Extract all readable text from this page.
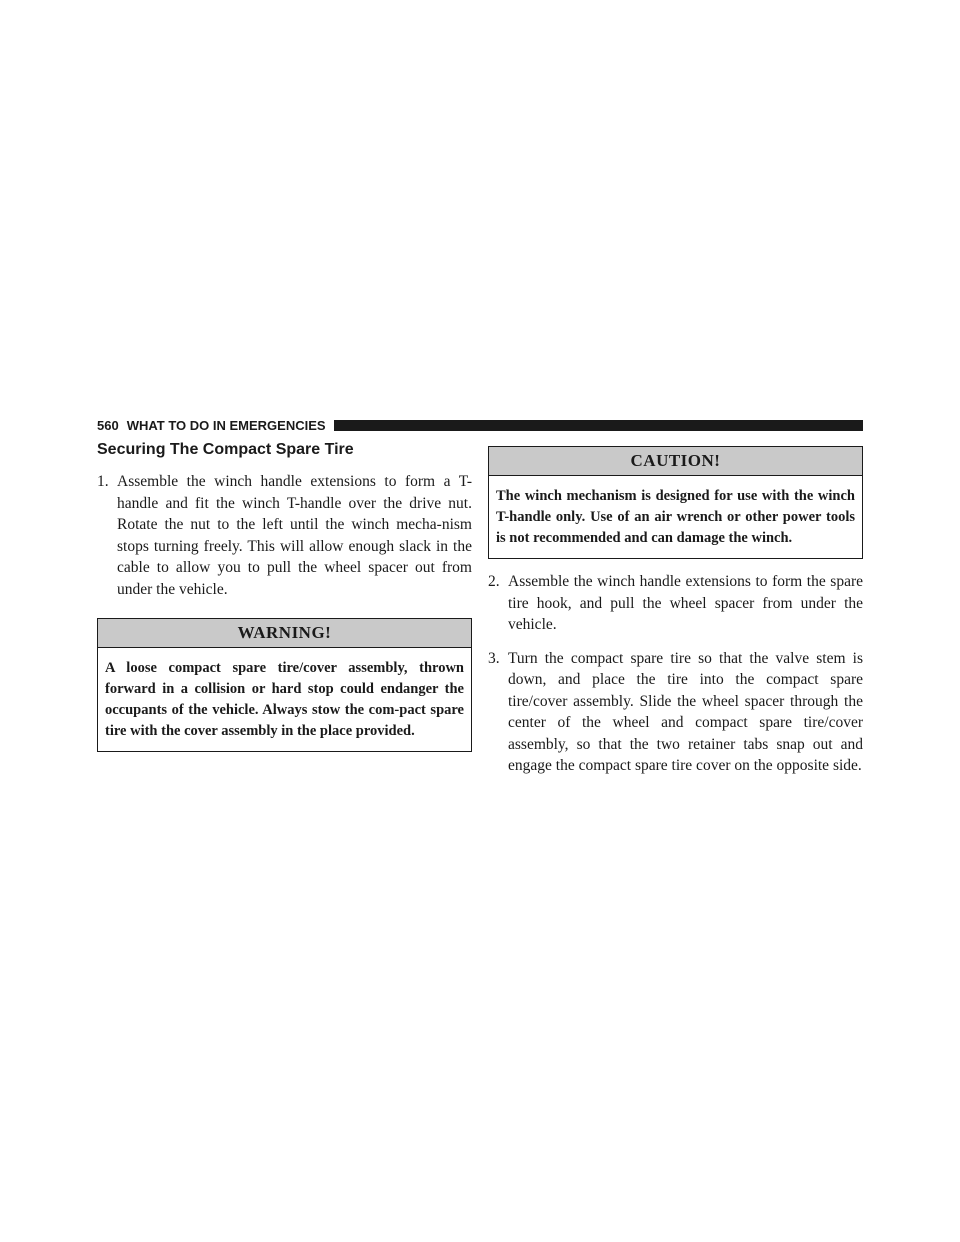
560 WHAT TO DO IN EMERGENCIES
Securing The Compact Spare Tire

1. Assemble the winch handle extensions to form a T-handle and fit the winch T-handle over the drive nut. Rotate the nut to the left until the winch mecha-nism stops turning freely. This will allow enough slack in the cable to allow you to pull the wheel spacer out from under the vehicle.

WARNING!
A loose compact spare tire/cover assembly, thrown forward in a collision or hard stop could endanger the occupants of the vehicle. Always stow the com-pact spare tire with the cover assembly in the place provided.
CAUTION!
The winch mechanism is designed for use with the winch T-handle only. Use of an air wrench or other power tools is not recommended and can damage the winch.

2. Assemble the winch handle extensions to form the spare tire hook, and pull the wheel spacer from under the vehicle.

3. Turn the compact spare tire so that the valve stem is down, and place the tire into the compact spare tire/cover assembly. Slide the wheel spacer through the center of the wheel and compact spare tire/cover assembly, so that the two retainer tabs snap out and engage the compact spare tire cover on the opposite side.
